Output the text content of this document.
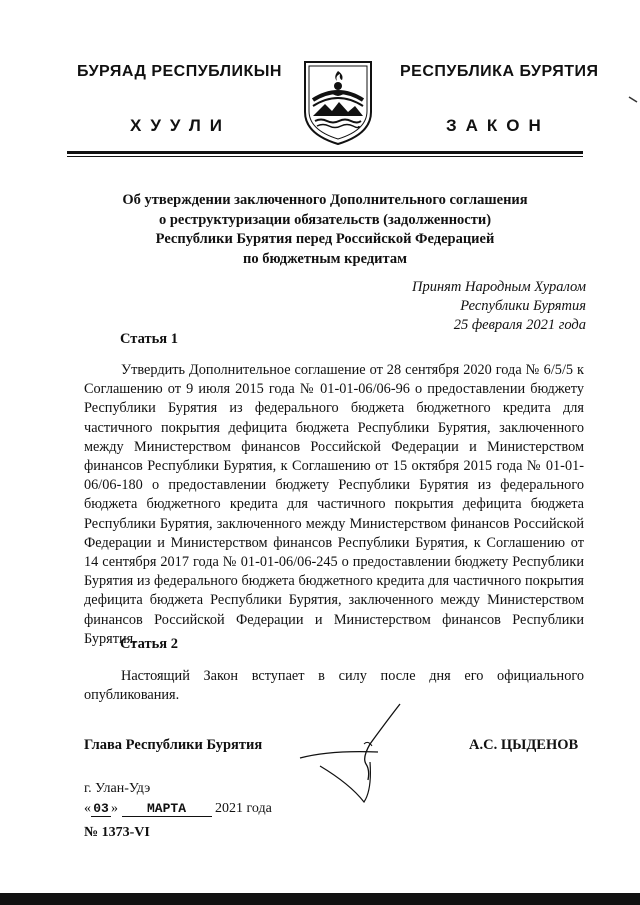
БУРЯАД РЕСПУБЛИКЫН	РЕСПУБЛИКА БУРЯТИЯ
ХУУЛИ	ЗАКОН
Об утверждении заключенного Дополнительного соглашения
о реструктуризации обязательств (задолженности)
Республики Бурятия перед Российской Федерацией
по бюджетным кредитам
Принят Народным Хуралом
Республики Бурятия
25 февраля 2021 года
Статья 1

Утвердить Дополнительное соглашение от 28 сентября 2020 года № 6/5/5 к Соглашению от 9 июля 2015 года № 01-01-06/06-96 о предоставлении бюджету Республики Бурятия из федерального бюджета бюджетного кредита для частичного покрытия дефицита бюджета Республики Бурятия, заключенного между Министерством финансов Российской Федерации и Министерством финансов Республики Бурятия, к Соглашению от 15 октября 2015 года № 01-01-06/06-180 о предоставлении бюджету Республики Бурятия из федерального бюджета бюджетного кредита для частичного покрытия дефицита бюджета Республики Бурятия, заключенного между Министерством финансов Российской Федерации и Министерством финансов Республики Бурятия, к Соглашению от 14 сентября 2017 года № 01-01-06/06-245 о предоставлении бюджету Республики Бурятия из федерального бюджета бюджетного кредита для частичного покрытия дефицита бюджета Республики Бурятия, заключенного между Министерством финансов Российской Федерации и Министерством финансов Республики Бурятия.

Статья 2

Настоящий Закон вступает в силу после дня его официального опубликования.

Глава Республики Бурятия	А.С. ЦЫДЕНОВ
г. Улан-Удэ
« 03 » МАРТА 2021 года
№ 1373-VI
